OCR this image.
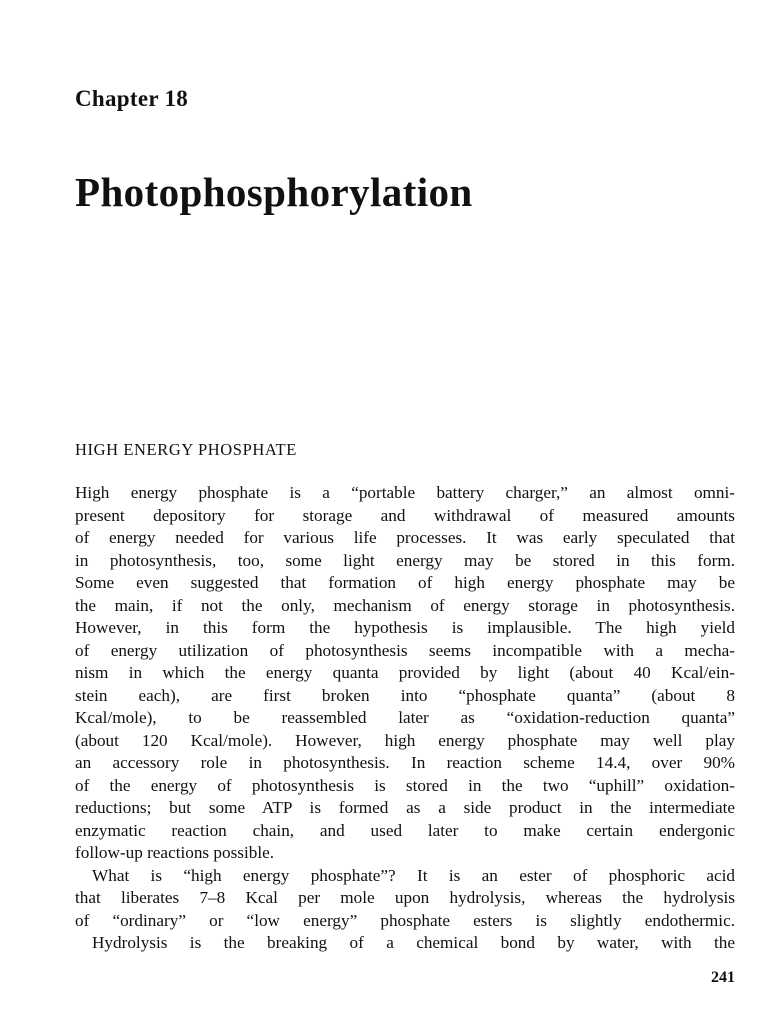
Chapter 18
Photophosphorylation
HIGH ENERGY PHOSPHATE
High energy phosphate is a “portable battery charger,” an almost omni-
present depository for storage and withdrawal of measured amounts
of energy needed for various life processes. It was early speculated that
in photosynthesis, too, some light energy may be stored in this form.
Some even suggested that formation of high energy phosphate may be
the main, if not the only, mechanism of energy storage in photosynthesis.
However, in this form the hypothesis is implausible. The high yield
of energy utilization of photosynthesis seems incompatible with a mecha-
nism in which the energy quanta provided by light (about 40 Kcal/ein-
stein each), are first broken into “phosphate quanta” (about 8
Kcal/mole), to be reassembled later as “oxidation-reduction quanta”
(about 120 Kcal/mole). However, high energy phosphate may well play
an accessory role in photosynthesis. In reaction scheme 14.4, over 90%
of the energy of photosynthesis is stored in the two “uphill” oxidation-
reductions; but some ATP is formed as a side product in the intermediate
enzymatic reaction chain, and used later to make certain endergonic
follow-up reactions possible.
What is “high energy phosphate”? It is an ester of phosphoric acid
that liberates 7–8 Kcal per mole upon hydrolysis, whereas the hydrolysis
of “ordinary” or “low energy” phosphate esters is slightly endothermic.
Hydrolysis is the breaking of a chemical bond by water, with the
241
